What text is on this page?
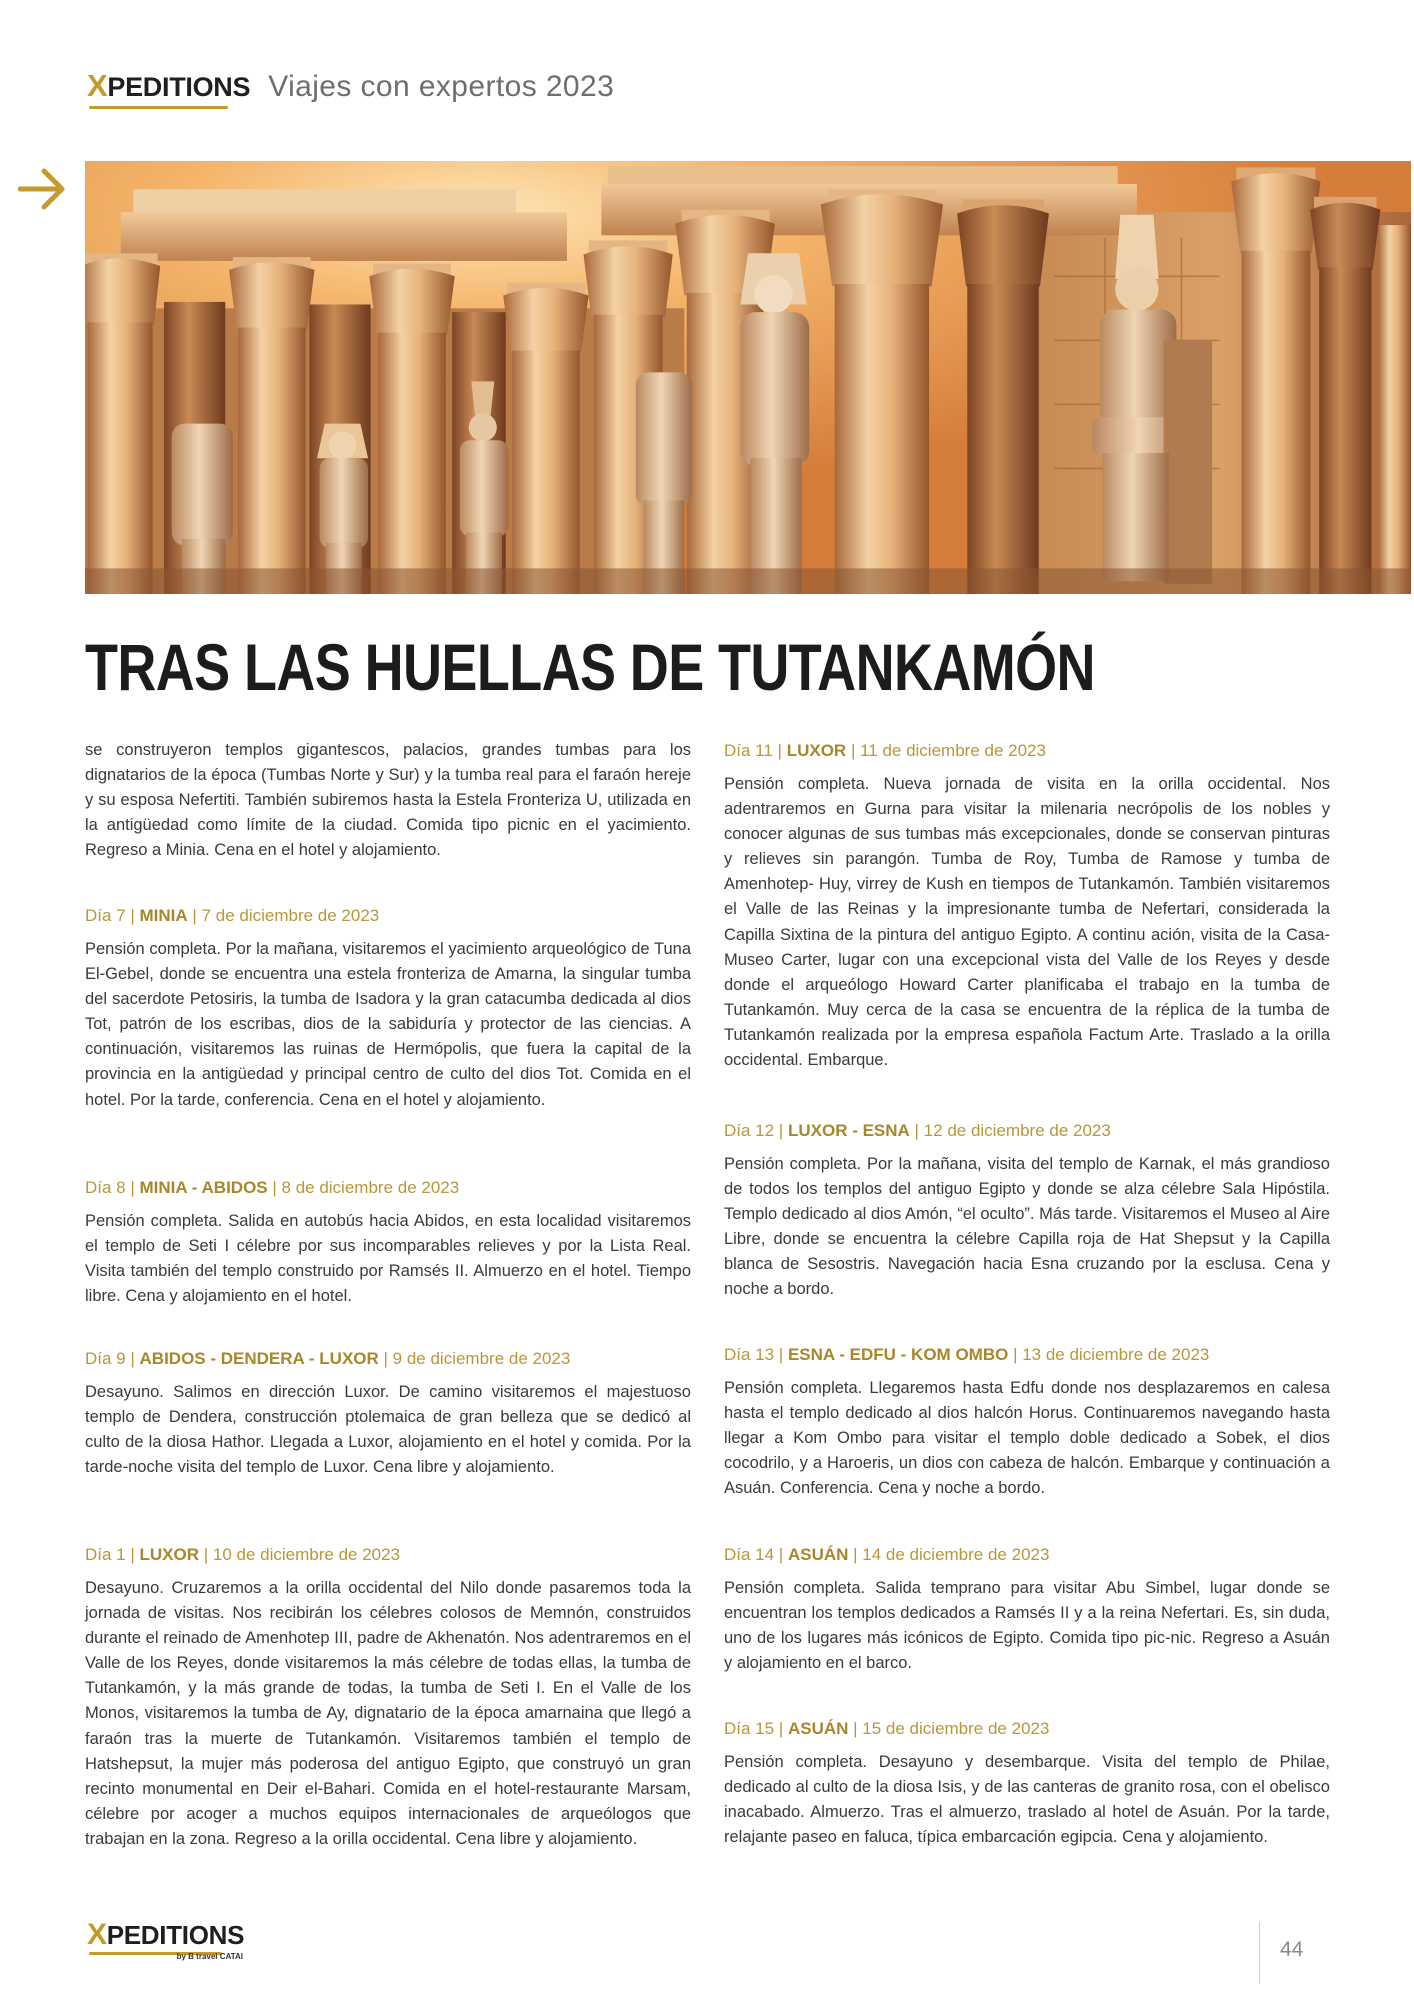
XPEDITIONS Viajes con expertos 2023
TRAS LAS HUELLAS DE TUTANKAMÓN

se construyeron templos gigantescos, palacios, grandes tumbas para los dignatarios de la época (Tumbas Norte y Sur) y la tumba real para el faraón hereje y su esposa Nefertiti. También subiremos hasta la Estela Fronteriza U, utilizada en la antigüedad como límite de la ciudad. Comida tipo picnic en el yacimiento. Regreso a Minia. Cena en el hotel y alojamiento.

Día 7 | MINIA | 7 de diciembre de 2023

Pensión completa. Por la mañana, visitaremos el yacimiento arqueológico de Tuna El-Gebel, donde se encuentra una estela fronteriza de Amarna, la singular tumba del sacerdote Petosiris, la tumba de Isadora y la gran catacumba dedicada al dios Tot, patrón de los escribas, dios de la sabiduría y protector de las ciencias. A continuación, visitaremos las ruinas de Hermópolis, que fuera la capital de la provincia en la antigüedad y principal centro de culto del dios Tot. Comida en el hotel. Por la tarde, conferencia. Cena en el hotel y alojamiento.

Día 8 | MINIA - ABIDOS | 8 de diciembre de 2023

Pensión completa. Salida en autobús hacia Abidos, en esta localidad visitaremos el templo de Seti I célebre por sus incomparables relieves y por la Lista Real. Visita también del templo construido por Ramsés II. Almuerzo en el hotel. Tiempo libre. Cena y alojamiento en el hotel.

Día 9 | ABIDOS - DENDERA - LUXOR | 9 de diciembre de 2023

Desayuno. Salimos en dirección Luxor. De camino visitaremos el majestuoso templo de Dendera, construcción ptolemaica de gran belleza que se dedicó al culto de la diosa Hathor. Llegada a Luxor, alojamiento en el hotel y comida. Por la tarde-noche visita del templo de Luxor. Cena libre y alojamiento.

Día 1 | LUXOR | 10 de diciembre de 2023

Desayuno. Cruzaremos a la orilla occidental del Nilo donde pasaremos toda la jornada de visitas. Nos recibirán los célebres colosos de Memnón, construidos durante el reinado de Amenhotep III, padre de Akhenatón. Nos adentraremos en el Valle de los Reyes, donde visitaremos la más célebre de todas ellas, la tumba de Tutankamón, y la más grande de todas, la tumba de Seti I. En el Valle de los Monos, visitaremos la tumba de Ay, dignatario de la época amarnaina que llegó a faraón tras la muerte de Tutankamón. Visitaremos también el templo de Hatshepsut, la mujer más poderosa del antiguo Egipto, que construyó un gran recinto monumental en Deir el-Bahari. Comida en el hotel-restaurante Marsam, célebre por acoger a muchos equipos internacionales de arqueólogos que trabajan en la zona. Regreso a la orilla occidental. Cena libre y alojamiento.

Día 11 | LUXOR | 11 de diciembre de 2023

Pensión completa. Nueva jornada de visita en la orilla occidental. Nos adentraremos en Gurna para visitar la milenaria necrópolis de los nobles y conocer algunas de sus tumbas más excepcionales, donde se conservan pinturas y relieves sin parangón. Tumba de Roy, Tumba de Ramose y tumba de Amenhotep- Huy, virrey de Kush en tiempos de Tutankamón. También visitaremos el Valle de las Reinas y la impresionante tumba de Nefertari, considerada la Capilla Sixtina de la pintura del antiguo Egipto. A continu ación, visita de la Casa-Museo Carter, lugar con una excepcional vista del Valle de los Reyes y desde donde el arqueólogo Howard Carter planificaba el trabajo en la tumba de Tutankamón. Muy cerca de la casa se encuentra de la réplica de la tumba de Tutankamón realizada por la empresa española Factum Arte. Traslado a la orilla occidental. Embarque.

Día 12 | LUXOR - ESNA | 12 de diciembre de 2023

Pensión completa. Por la mañana, visita del templo de Karnak, el más grandioso de todos los templos del antiguo Egipto y donde se alza célebre Sala Hipóstila. Templo dedicado al dios Amón, “el oculto”. Más tarde. Visitaremos el Museo al Aire Libre, donde se encuentra la célebre Capilla roja de Hat Shepsut y la Capilla blanca de Sesostris. Navegación hacia Esna cruzando por la esclusa. Cena y noche a bordo.

Día 13 | ESNA - EDFU - KOM OMBO | 13 de diciembre de 2023

Pensión completa. Llegaremos hasta Edfu donde nos desplazaremos en calesa hasta el templo dedicado al dios halcón Horus. Continuaremos navegando hasta llegar a Kom Ombo para visitar el templo doble dedicado a Sobek, el dios cocodrilo, y a Haroeris, un dios con cabeza de halcón. Embarque y continuación a Asuán. Conferencia. Cena y noche a bordo.

Día 14 | ASUÁN | 14 de diciembre de 2023

Pensión completa. Salida temprano para visitar Abu Simbel, lugar donde se encuentran los templos dedicados a Ramsés II y a la reina Nefertari. Es, sin duda, uno de los lugares más icónicos de Egipto. Comida tipo pic-nic. Regreso a Asuán y alojamiento en el barco.

Día 15 | ASUÁN | 15 de diciembre de 2023

Pensión completa. Desayuno y desembarque. Visita del templo de Philae, dedicado al culto de la diosa Isis, y de las canteras de granito rosa, con el obelisco inacabado. Almuerzo. Tras el almuerzo, traslado al hotel de Asuán. Por la tarde, relajante paseo en faluca, típica embarcación egipcia. Cena y alojamiento.

XPEDITIONS
by B travel CATAI	44
